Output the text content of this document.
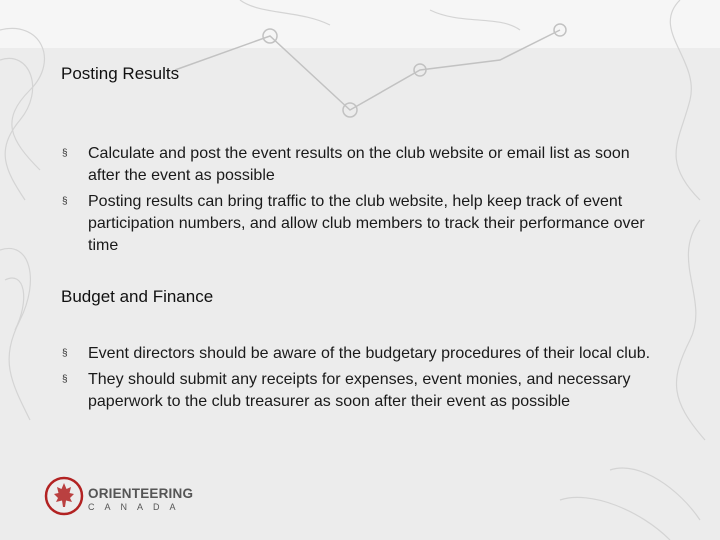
Posting Results
§ Calculate and post the event results on the club website or email list as soon after the event as possible
§ Posting results can bring traffic to the club website, help keep track of event participation numbers, and allow club members to track their performance over time
Budget and Finance
§ Event directors should be aware of the budgetary procedures of their local club.
§ They should submit any receipts for expenses, event monies, and necessary paperwork to the club treasurer as soon after their event as possible
ORIENTEERING
CANADA
